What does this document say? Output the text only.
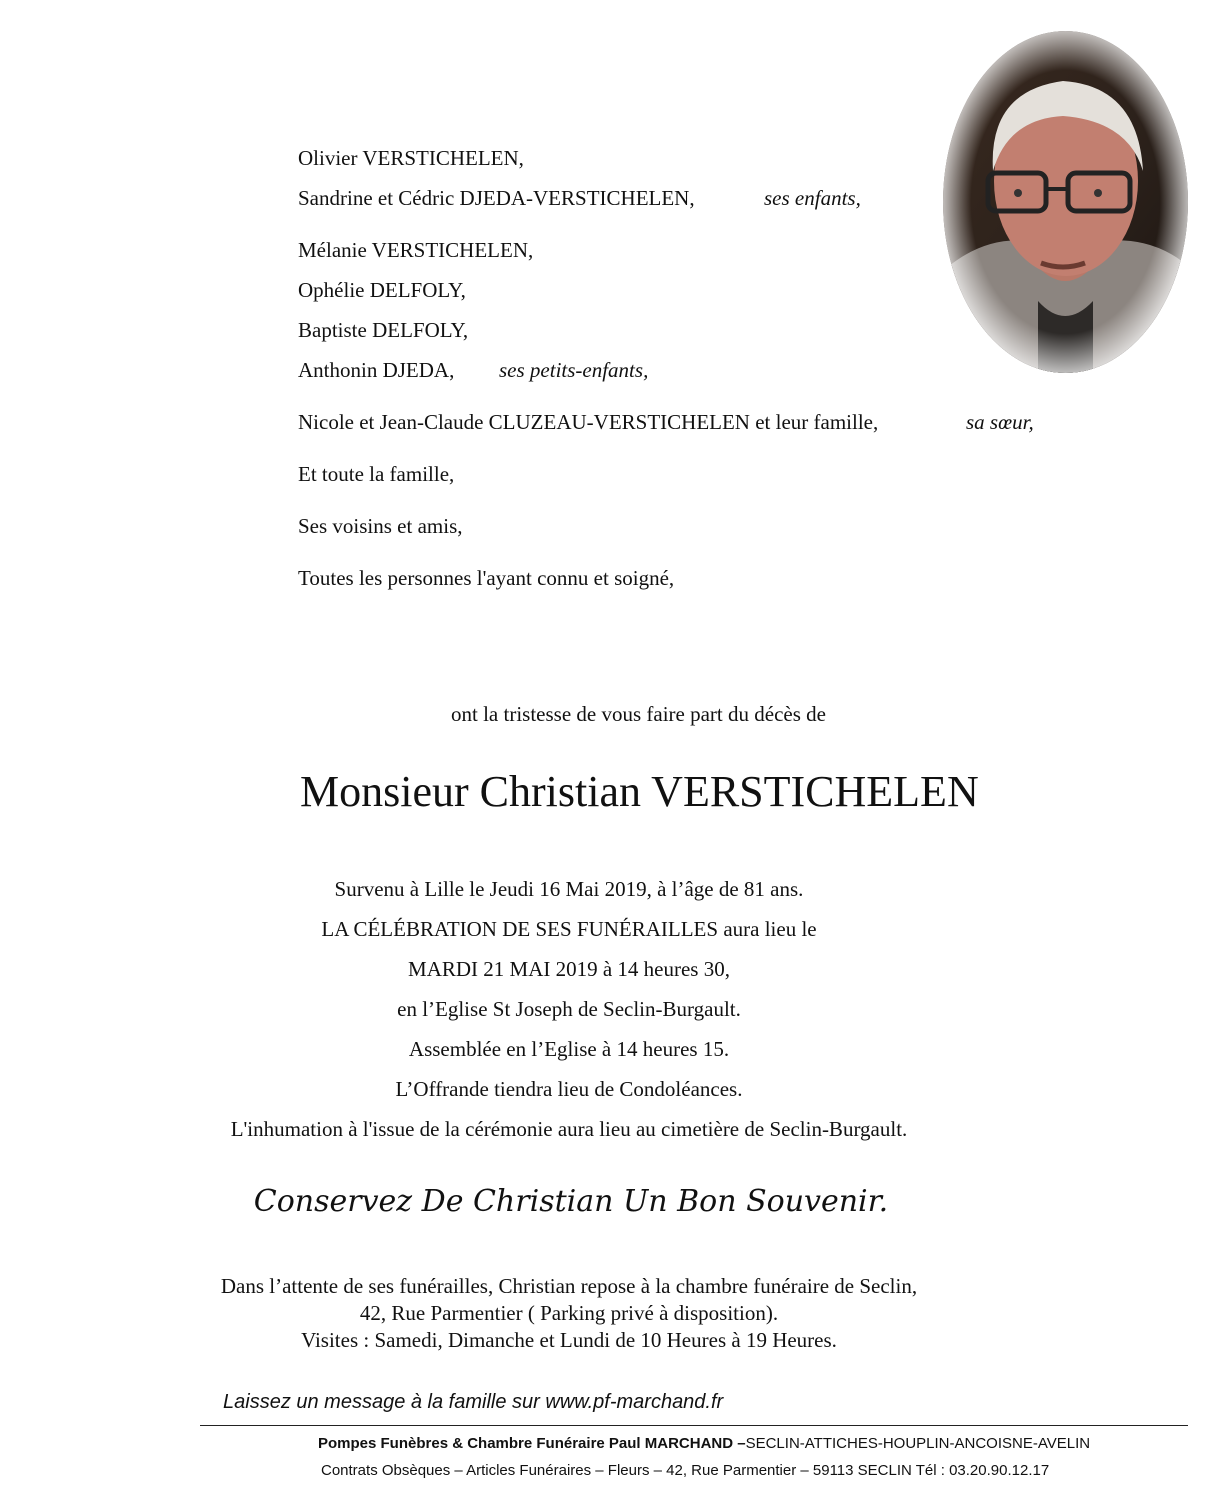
Olivier VERSTICHELEN,
Sandrine et Cédric DJEDA-VERSTICHELEN,	ses enfants,
Mélanie VERSTICHELEN,
Ophélie DELFOLY,
Baptiste DELFOLY,
Anthonin DJEDA, ses petits-enfants,
Nicole et Jean-Claude CLUZEAU-VERSTICHELEN et leur famille,	sa sœur,
Et toute la famille,
Ses voisins et amis,
Toutes les personnes l'ayant connu et soigné,
ont la tristesse de vous faire part du décès de
Monsieur Christian VERSTICHELEN
Survenu à Lille le Jeudi 16 Mai 2019, à l’âge de 81 ans.
LA CÉLÉBRATION DE SES FUNÉRAILLES aura lieu le
MARDI 21 MAI 2019 à 14 heures 30,
en l’Eglise St Joseph de Seclin-Burgault.
Assemblée en l’Eglise à 14 heures 15.
L’Offrande tiendra lieu de Condoléances.
L'inhumation à l'issue de la cérémonie aura lieu au cimetière de Seclin-Burgault.
Conservez De Christian Un Bon Souvenir.
Dans l’attente de ses funérailles, Christian repose à la chambre funéraire de Seclin,
42, Rue Parmentier ( Parking privé à disposition).
Visites : Samedi, Dimanche et Lundi de 10 Heures à 19 Heures.
Laissez un message à la famille sur www.pf-marchand.fr
Pompes Funèbres & Chambre Funéraire Paul MARCHAND –SECLIN-ATTICHES-HOUPLIN-ANCOISNE-AVELIN
Contrats Obsèques – Articles Funéraires – Fleurs – 42, Rue Parmentier – 59113 SECLIN Tél : 03.20.90.12.17
